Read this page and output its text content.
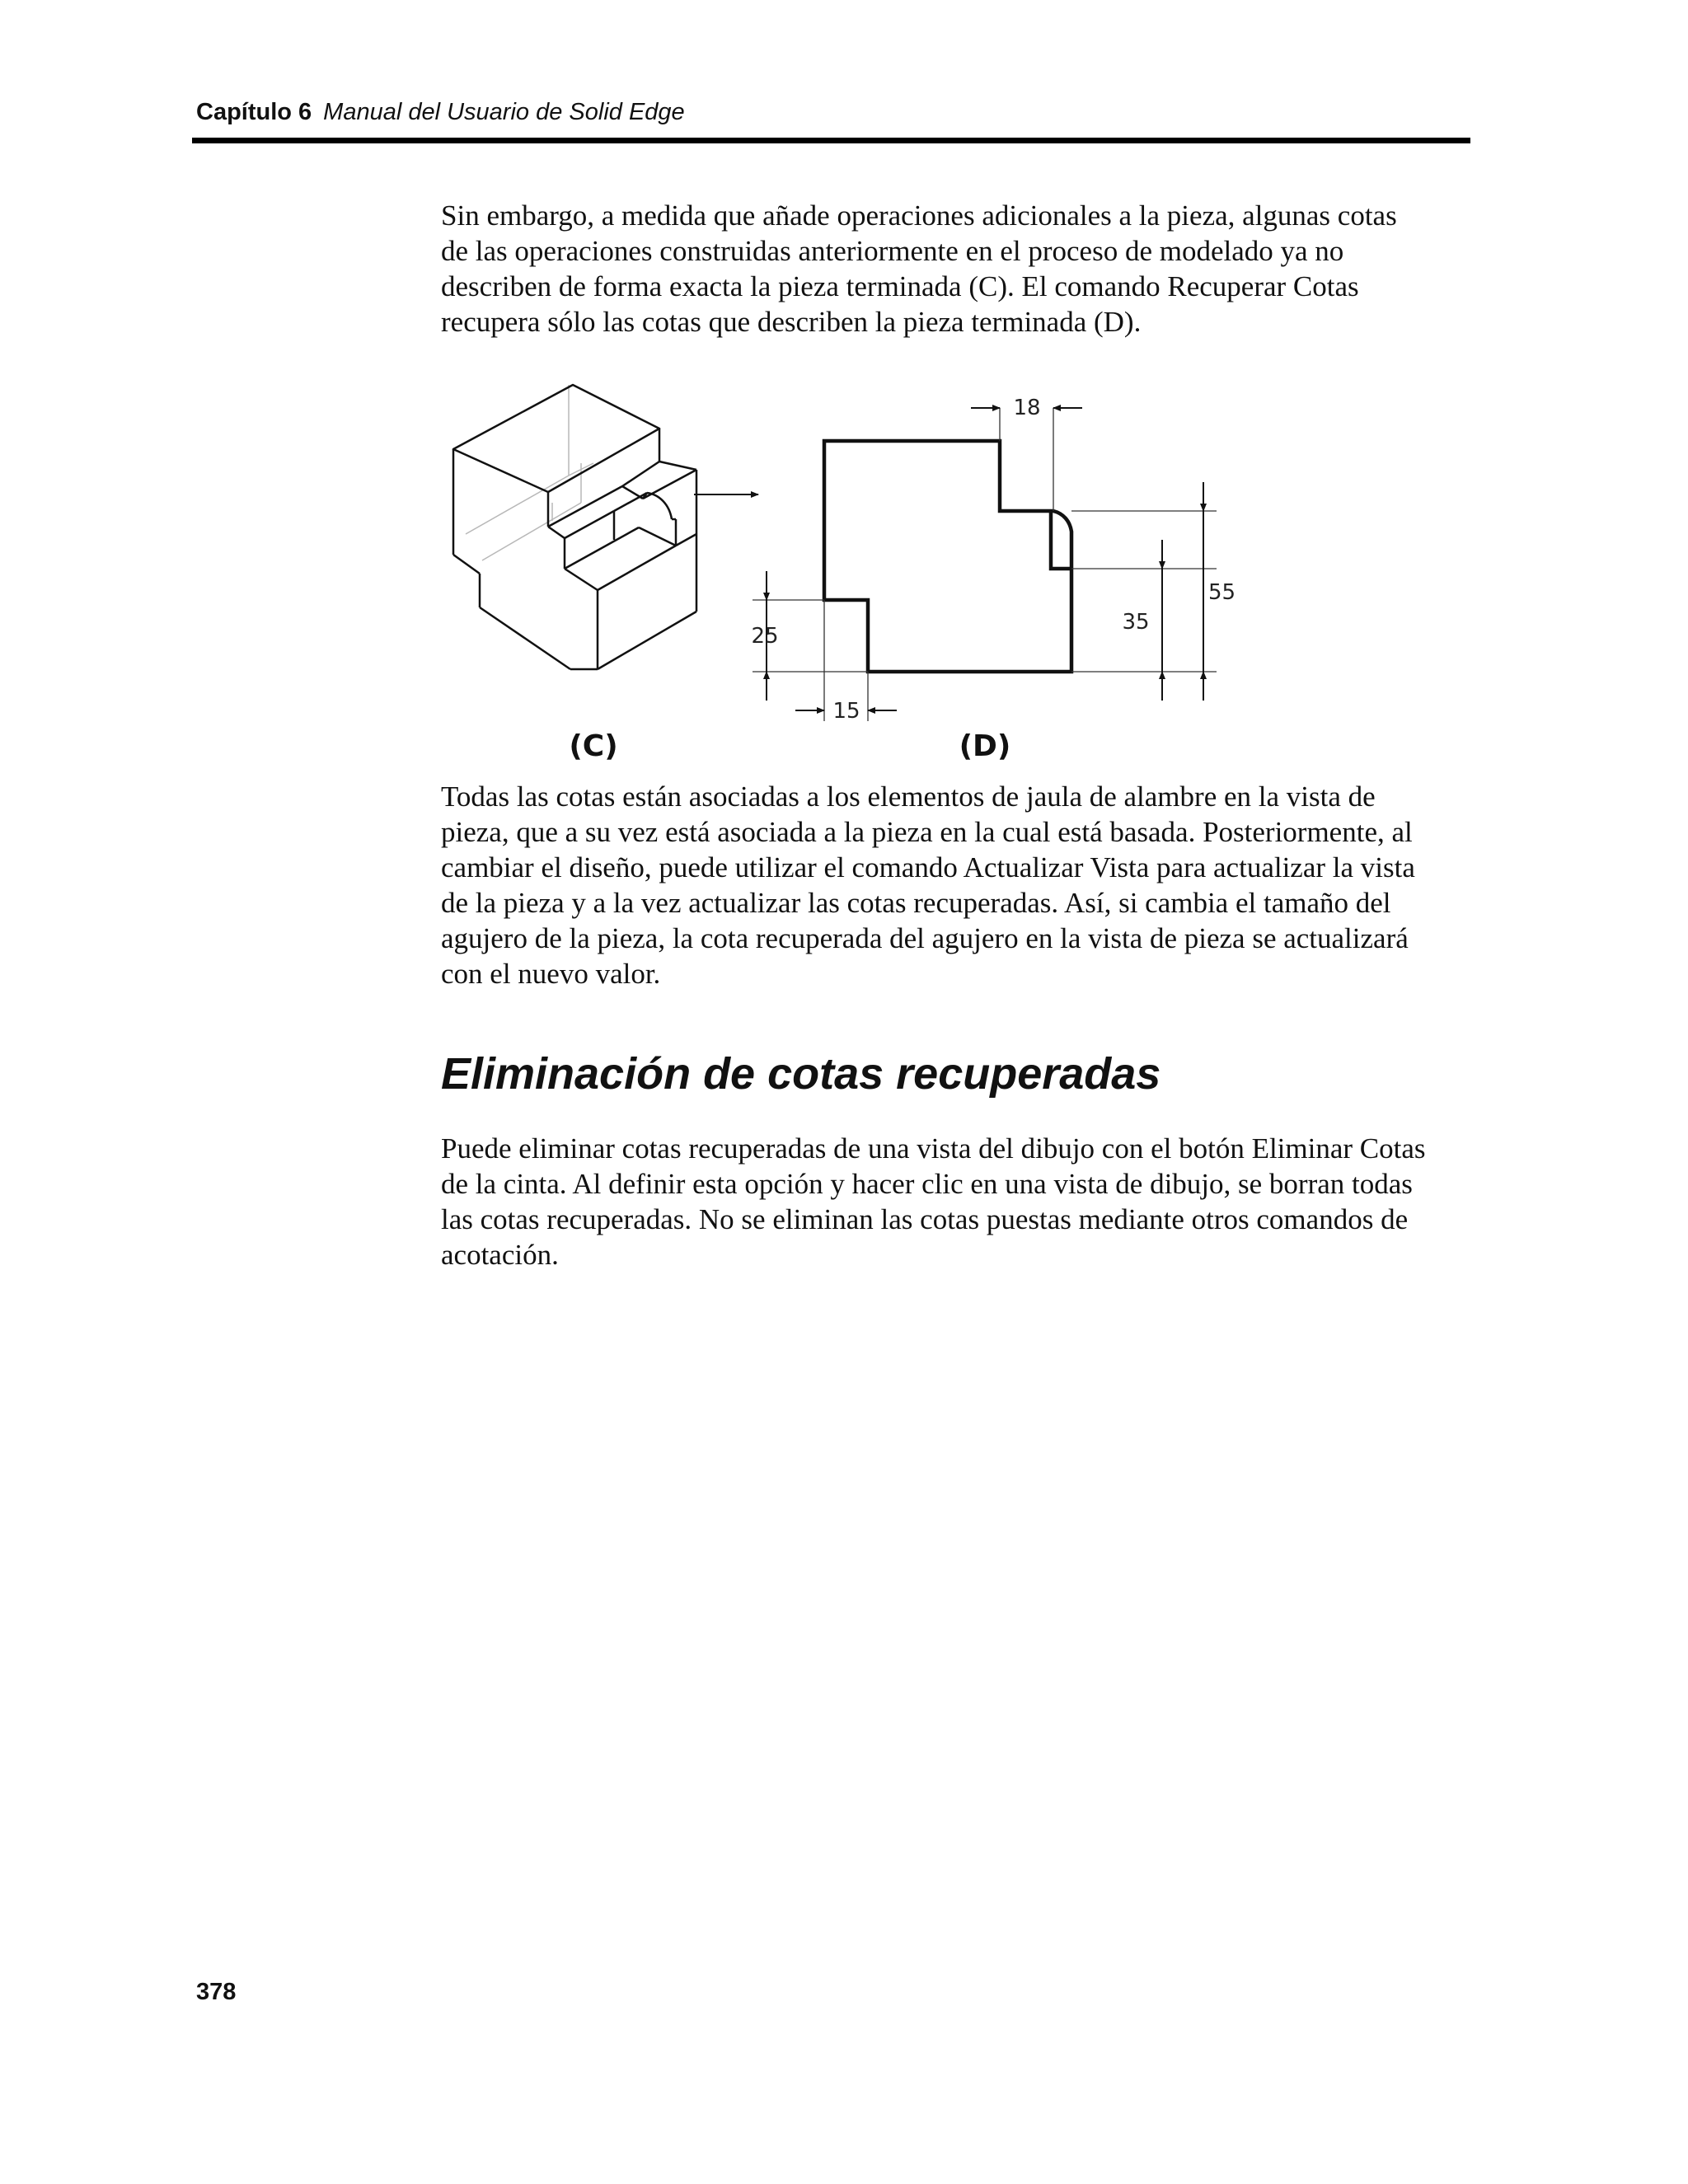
Capítulo 6 Manual del Usuario de Solid Edge
Sin embargo, a medida que añade operaciones adicionales a la pieza, algunas cotas
de las operaciones construidas anteriormente en el proceso de modelado ya no
describen de forma exacta la pieza terminada (C). El comando Recuperar Cotas
recupera sólo las cotas que describen la pieza terminada (D).
18
55
35
25
15
(C)	(D)
Todas las cotas están asociadas a los elementos de jaula de alambre en la vista de
pieza, que a su vez está asociada a la pieza en la cual está basada. Posteriormente, al
cambiar el diseño, puede utilizar el comando Actualizar Vista para actualizar la vista
de la pieza y a la vez actualizar las cotas recuperadas. Así, si cambia el tamaño del
agujero de la pieza, la cota recuperada del agujero en la vista de pieza se actualizará
con el nuevo valor.
Eliminación de cotas recuperadas
Puede eliminar cotas recuperadas de una vista del dibujo con el botón Eliminar Cotas
de la cinta. Al definir esta opción y hacer clic en una vista de dibujo, se borran todas
las cotas recuperadas. No se eliminan las cotas puestas mediante otros comandos de
acotación.
378
